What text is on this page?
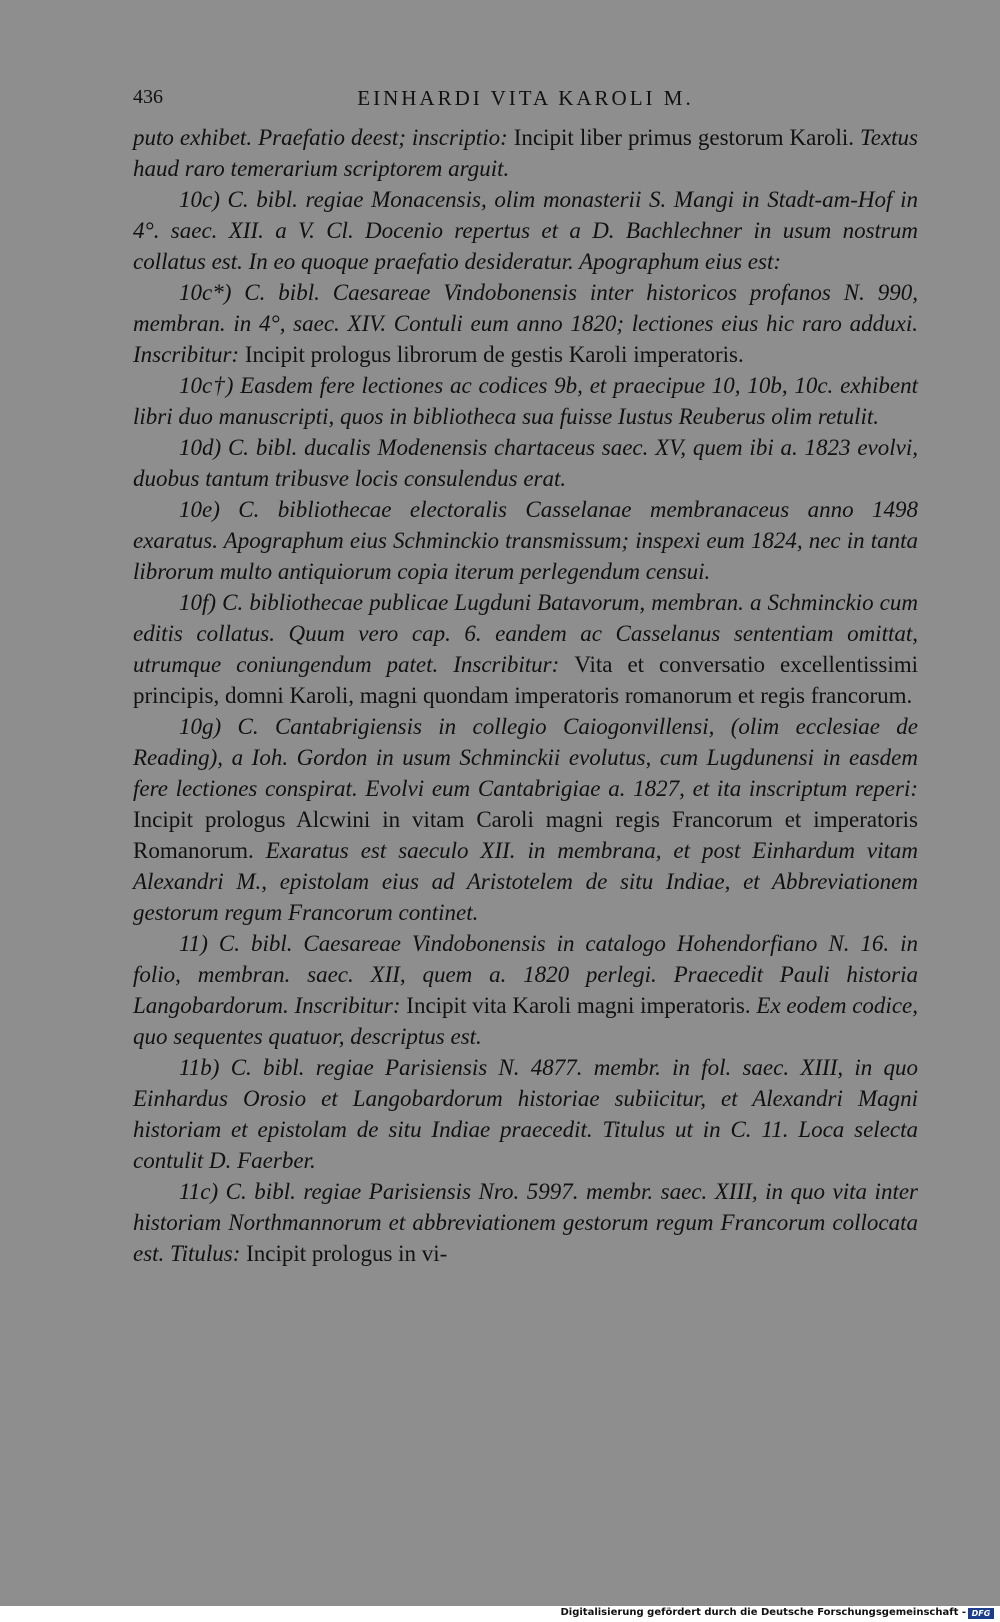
436	EINHARDI VITA KAROLI M.

puto exhibet. Praefatio deest; inscriptio: Incipit liber primus gestorum Karoli. Textus haud raro temerarium scriptorem arguit.

10c) C. bibl. regiae Monacensis, olim monasterii S. Mangi in Stadt-am-Hof in 4°. saec. XII. a V. Cl. Docenio repertus et a D. Bachlechner in usum nostrum collatus est. In eo quoque praefatio desideratur. Apographum eius est:

10c*) C. bibl. Caesareae Vindobonensis inter historicos profanos N. 990, membran. in 4°, saec. XIV. Contuli eum anno 1820; lectiones eius hic raro adduxi. Inscribitur: Incipit prologus librorum de gestis Karoli imperatoris.

10c†) Easdem fere lectiones ac codices 9b, et praecipue 10, 10b, 10c. exhibent libri duo manuscripti, quos in bibliotheca sua fuisse Iustus Reuberus olim retulit.

10d) C. bibl. ducalis Modenensis chartaceus saec. XV, quem ibi a. 1823 evolvi, duobus tantum tribusve locis consulendus erat.

10e) C. bibliothecae electoralis Casselanae membranaceus anno 1498 exaratus. Apographum eius Schminckio transmissum; inspexi eum 1824, nec in tanta librorum multo antiquiorum copia iterum perlegendum censui.

10f) C. bibliothecae publicae Lugduni Batavorum, membran. a Schminckio cum editis collatus. Quum vero cap. 6. eandem ac Casselanus sententiam omittat, utrumque coniungendum patet. Inscribitur: Vita et conversatio excellentissimi principis, domni Karoli, magni quondam imperatoris romanorum et regis francorum.

10g) C. Cantabrigiensis in collegio Caiogonvillensi, (olim ecclesiae de Reading), a Ioh. Gordon in usum Schminckii evolutus, cum Lugdunensi in easdem fere lectiones conspirat. Evolvi eum Cantabrigiae a. 1827, et ita inscriptum reperi: Incipit prologus Alcwini in vitam Caroli magni regis Francorum et imperatoris Romanorum. Exaratus est saeculo XII. in membrana, et post Einhardum vitam Alexandri M., epistolam eius ad Aristotelem de situ Indiae, et Abbreviationem gestorum regum Francorum continet.

11) C. bibl. Caesareae Vindobonensis in catalogo Hohendorfiano N. 16. in folio, membran. saec. XII, quem a. 1820 perlegi. Praecedit Pauli historia Langobardorum. Inscribitur: Incipit vita Karoli magni imperatoris. Ex eodem codice, quo sequentes quatuor, descriptus est.

11b) C. bibl. regiae Parisiensis N. 4877. membr. in fol. saec. XIII, in quo Einhardus Orosio et Langobardorum historiae subiicitur, et Alexandri Magni historiam et epistolam de situ Indiae praecedit. Titulus ut in C. 11. Loca selecta contulit D. Faerber.

11c) C. bibl. regiae Parisiensis Nro. 5997. membr. saec. XIII, in quo vita inter historiam Northmannorum et abbreviationem gestorum regum Francorum collocata est. Titulus: Incipit prologus in vi-

Digitalisierung gefördert durch die Deutsche Forschungsgemeinschaft - DFG
